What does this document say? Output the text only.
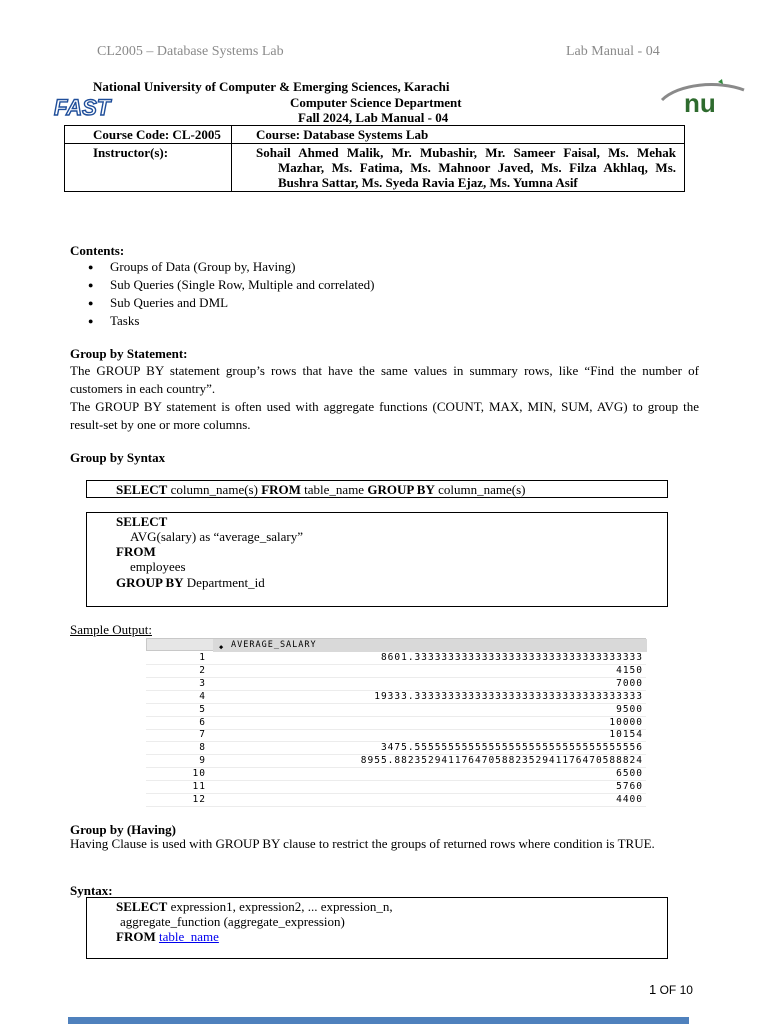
CL2005 – Database Systems Lab	Lab Manual - 04
FAST
National University of Computer & Emerging Sciences, Karachi
Computer Science Department
Fall 2024, Lab Manual - 04	nu
Course Code: CL-2005	Course: Database Systems Lab

Instructor(s):	Sohail Ahmed Malik, Mr. Mubashir, Mr. Sameer Faisal, Ms. Mehak Mazhar, Ms. Fatima, Ms. Mahnoor Javed, Ms. Filza Akhlaq, Ms. Bushra Sattar, Ms. Syeda Ravia Ejaz, Ms. Yumna Asif
Contents:
● Groups of Data (Group by, Having)
● Sub Queries (Single Row, Multiple and correlated)
● Sub Queries and DML
● Tasks
Group by Statement:
The GROUP BY statement group’s rows that have the same values in summary rows, like “Find the number of customers in each country”.
The GROUP BY statement is often used with aggregate functions (COUNT, MAX, MIN, SUM, AVG) to group the result-set by one or more columns.
Group by Syntax
SELECT column_name(s) FROM table_name GROUP BY column_name(s)
SELECT
AVG(salary) as “average_salary”
FROM
employees
GROUP BY Department_id
Sample Output:
◆ AVERAGE_SALARY
1	8601.3333333333333333333333333333333333
2	4150
3	7000
4	19333.3333333333333333333333333333333333
5	9500
6	10000
7	10154
8	3475.5555555555555555555555555555555556
9	8955.8823529411764705882352941176470588824
10	6500
11	5760
12	4400
Group by (Having)
Having Clause is used with GROUP BY clause to restrict the groups of returned rows where condition is TRUE.
Syntax:
SELECT expression1, expression2, ... expression_n,
aggregate_function (aggregate_expression)
FROM table_name
1 OF 10
